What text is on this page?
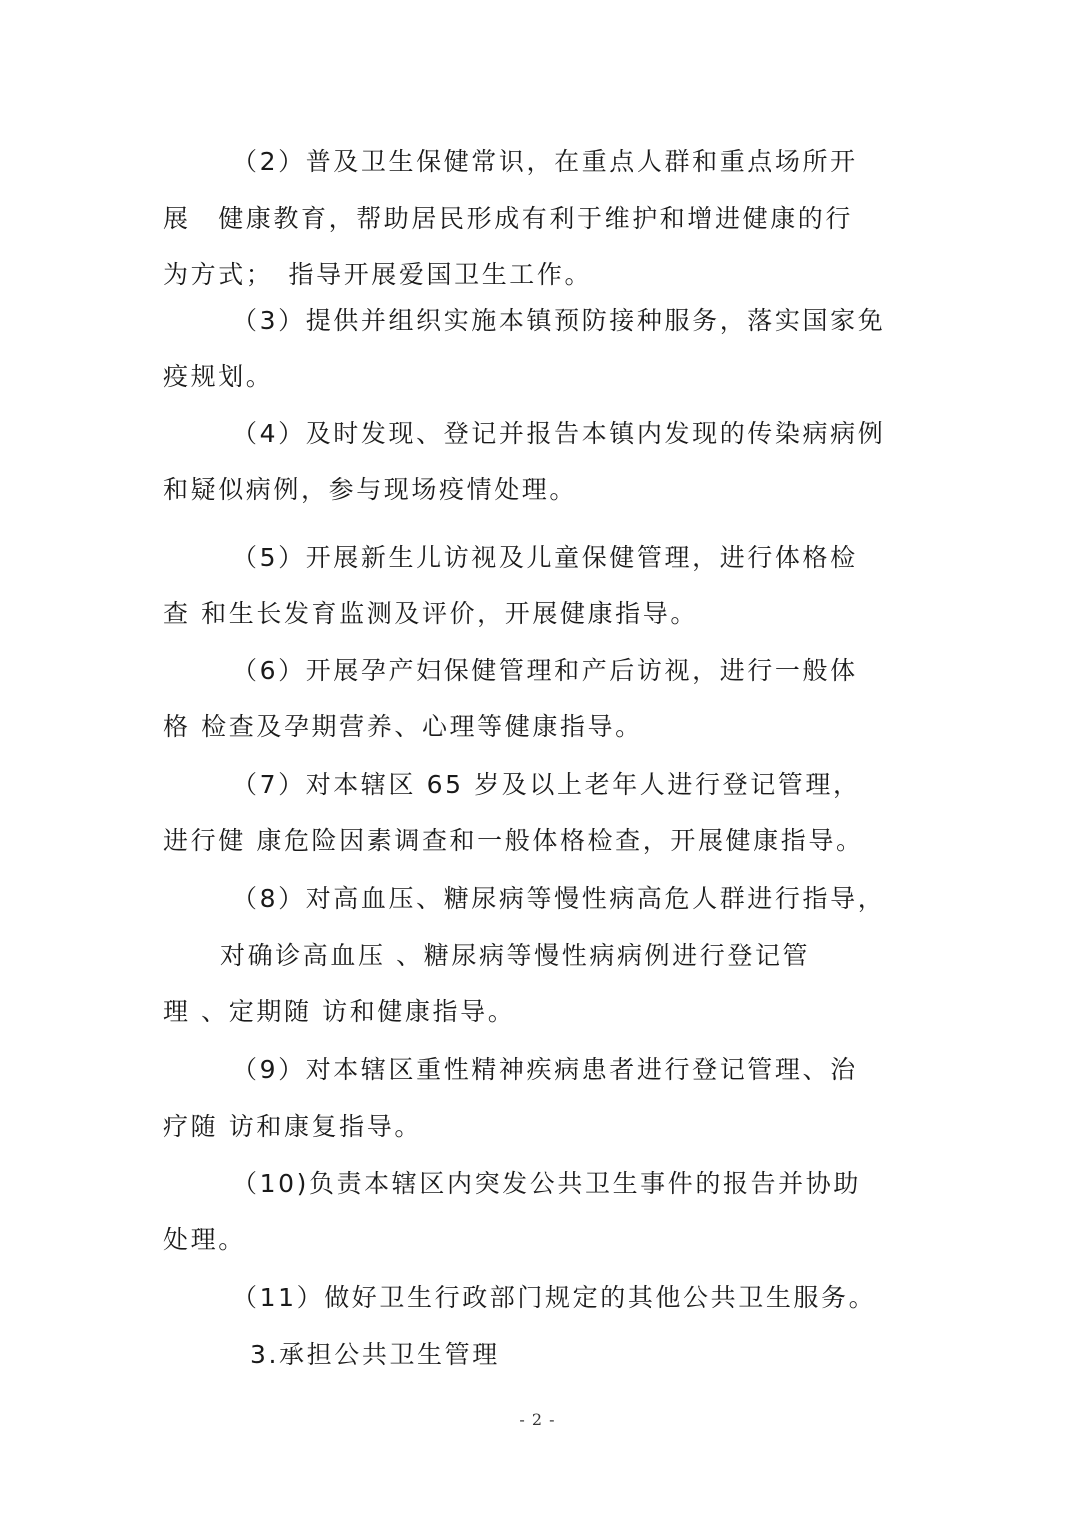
（2）普及卫生保健常识，在重点人群和重点场所开
展　健康教育，帮助居民形成有利于维护和增进健康的行
为方式；　指导开展爱国卫生工作。
（3）提供并组织实施本镇预防接种服务，落实国家免
疫规划。
（4）及时发现、登记并报告本镇内发现的传染病病例
和疑似病例，参与现场疫情处理。
（5）开展新生儿访视及儿童保健管理，进行体格检
查 和生长发育监测及评价，开展健康指导。
（6）开展孕产妇保健管理和产后访视，进行一般体
格 检查及孕期营养、心理等健康指导。
（7）对本辖区 65 岁及以上老年人进行登记管理，
进行健 康危险因素调查和一般体格检查，开展健康指导。
（8）对高血压、糖尿病等慢性病高危人群进行指导，
对确诊高血压 、糖尿病等慢性病病例进行登记管
理 、定期随 访和健康指导。
（9）对本辖区重性精神疾病患者进行登记管理、治
疗随 访和康复指导。
（10)负责本辖区内突发公共卫生事件的报告并协助
处理。
（11）做好卫生行政部门规定的其他公共卫生服务。
3.承担公共卫生管理
- 2 -
